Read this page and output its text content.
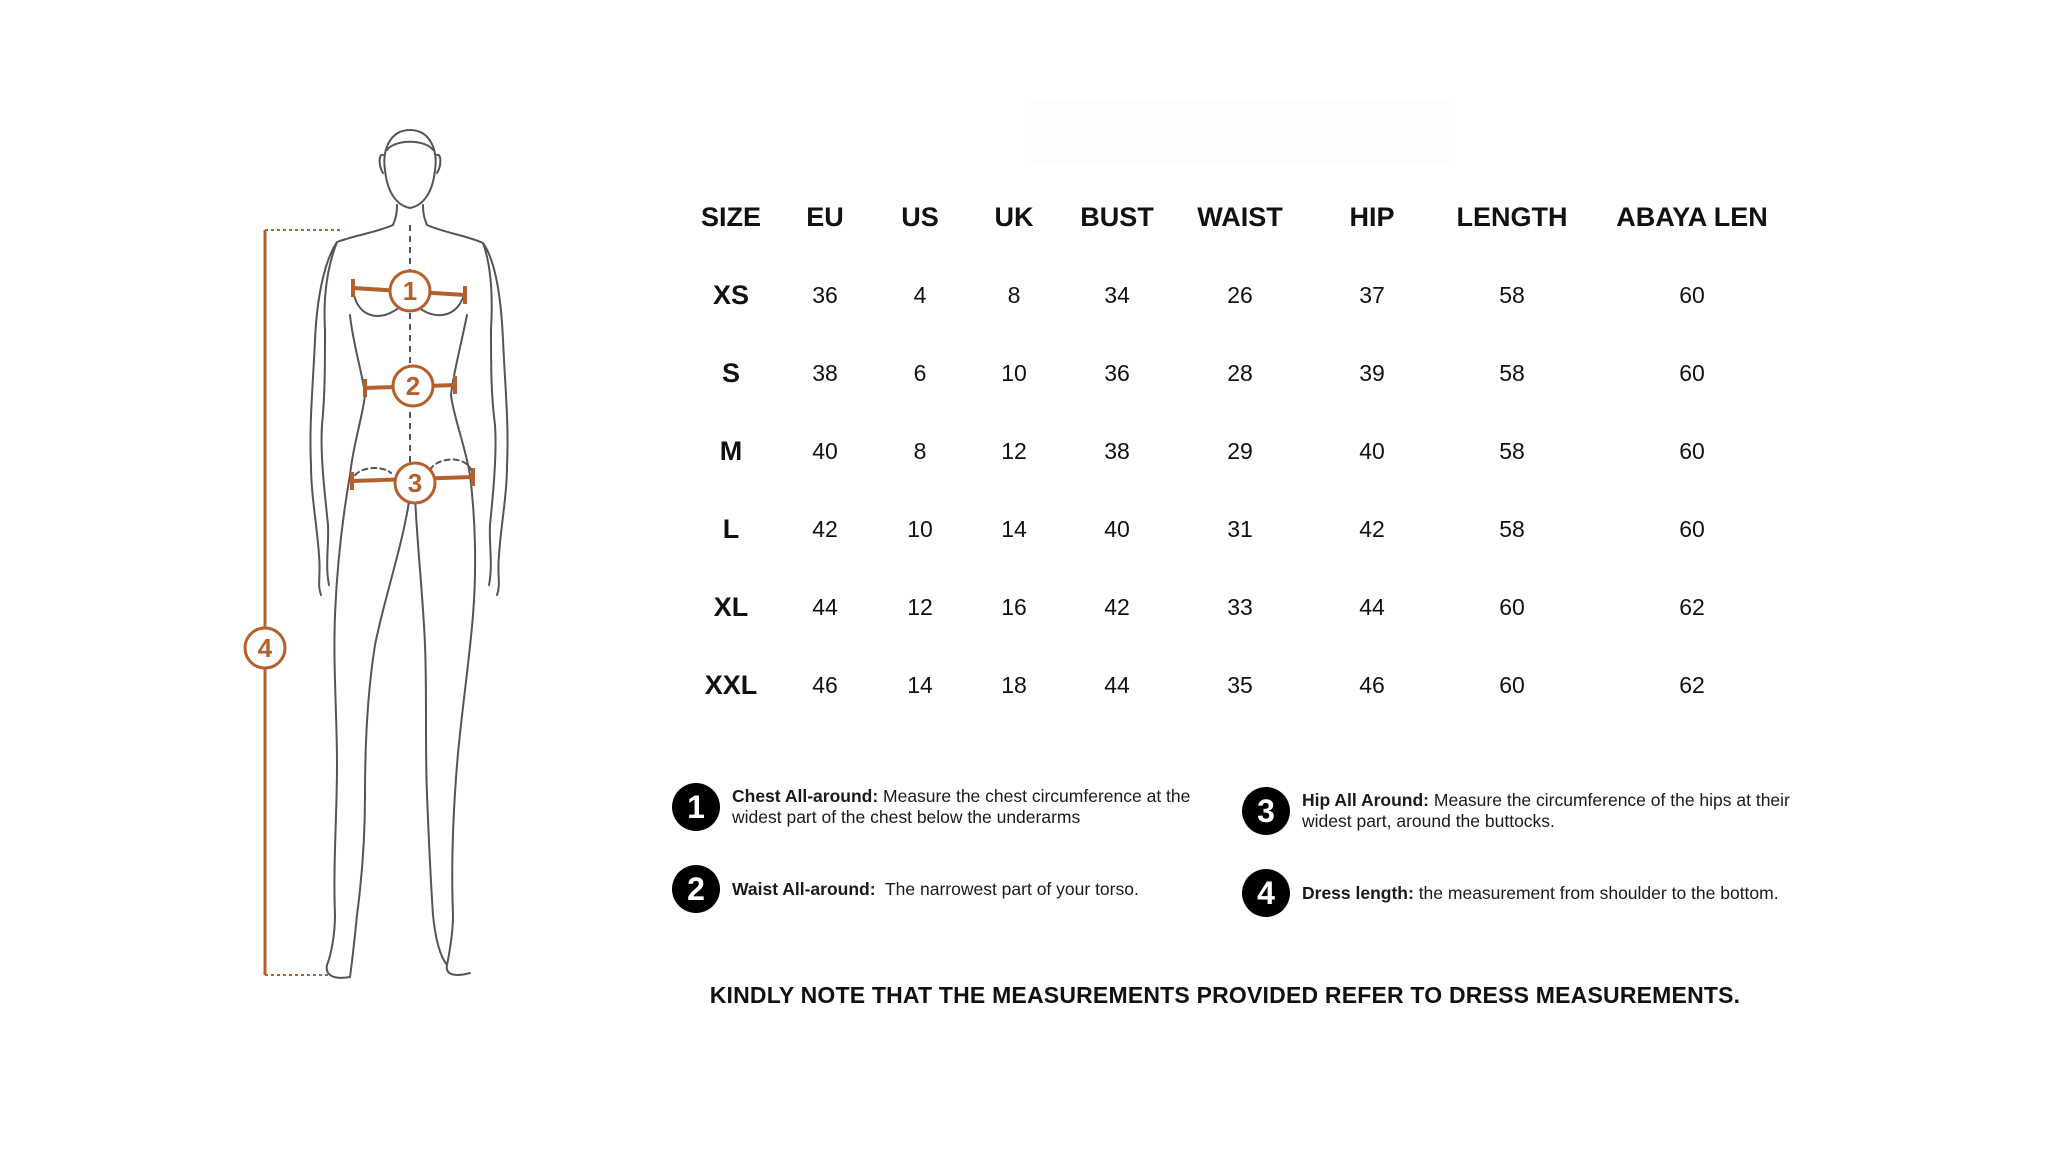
1
2
3
4
SIZE	EU	US	UK	BUST	WAIST	HIP	LENGTH	ABAYA LEN
XS	36	4	8	34	26	37	58	60
S	38	6	10	36	28	39	58	60
M	40	8	12	38	29	40	58	60
L	42	10	14	40	31	42	58	60
XL	44	12	16	42	33	44	60	62
XXL	46	14	18	44	35	46	60	62
1	Chest All-around: Measure the chest circumference at the widest part of the chest below the underarms
2	Waist All-around:  The narrowest part of your torso.
3	Hip All Around: Measure the circumference of the hips at their widest part, around the buttocks.
4	Dress length: the measurement from shoulder to the bottom.
KINDLY NOTE THAT THE MEASUREMENTS PROVIDED REFER TO DRESS MEASUREMENTS.
